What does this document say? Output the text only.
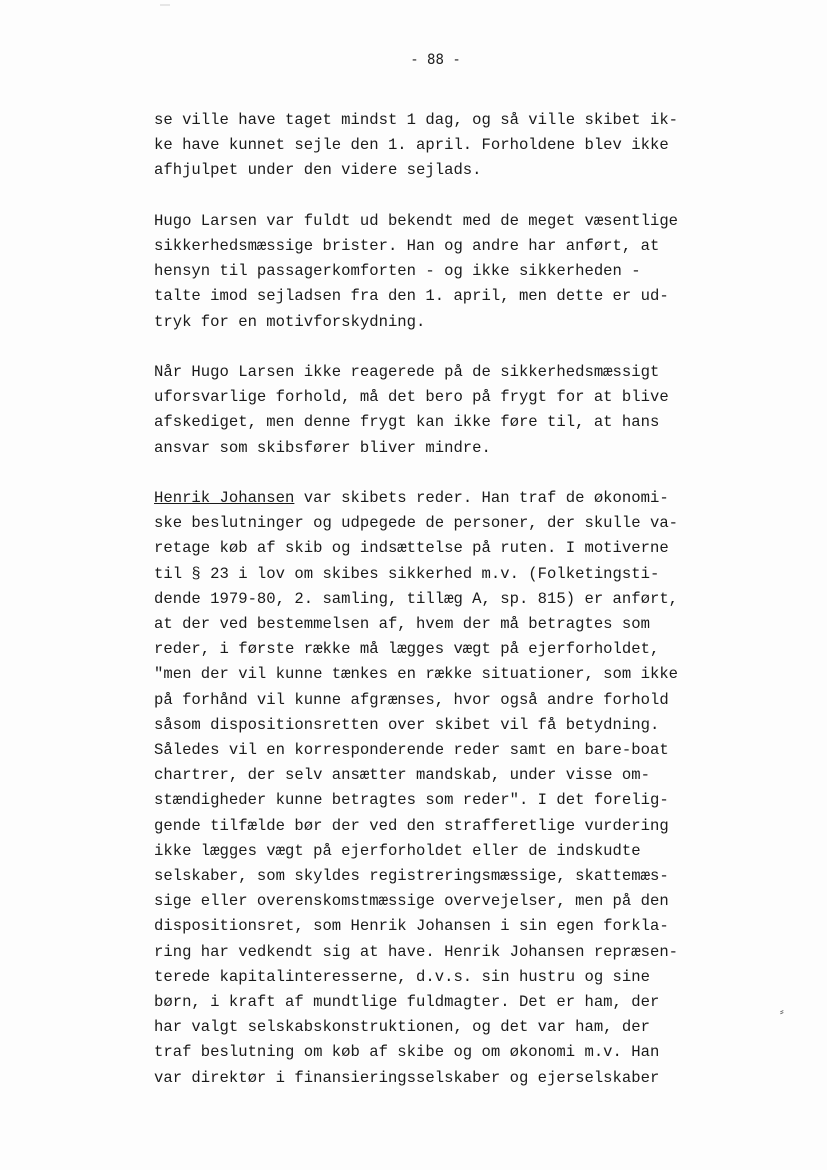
- 88 -

se ville have taget mindst 1 dag, og så ville skibet ik-
ke have kunnet sejle den 1. april. Forholdene blev ikke
afhjulpet under den videre sejlads.

Hugo Larsen var fuldt ud bekendt med de meget væsentlige
sikkerhedsmæssige brister. Han og andre har anført, at
hensyn til passagerkomforten - og ikke sikkerheden -
talte imod sejladsen fra den 1. april, men dette er ud-
tryk for en motivforskydning.

Når Hugo Larsen ikke reagerede på de sikkerhedsmæssigt
uforsvarlige forhold, må det bero på frygt for at blive
afskediget, men denne frygt kan ikke føre til, at hans
ansvar som skibsfører bliver mindre.

Henrik Johansen var skibets reder. Han traf de økonomi-
ske beslutninger og udpegede de personer, der skulle va-
retage køb af skib og indsættelse på ruten. I motiverne
til § 23 i lov om skibes sikkerhed m.v. (Folketingsti-
dende 1979-80, 2. samling, tillæg A, sp. 815) er anført,
at der ved bestemmelsen af, hvem der må betragtes som
reder, i første række må lægges vægt på ejerforholdet,
"men der vil kunne tænkes en række situationer, som ikke
på forhånd vil kunne afgrænses, hvor også andre forhold
såsom dispositionsretten over skibet vil få betydning.
Således vil en korresponderende reder samt en bare-boat
chartrer, der selv ansætter mandskab, under visse om-
stændigheder kunne betragtes som reder". I det forelig-
gende tilfælde bør der ved den strafferetlige vurdering
ikke lægges vægt på ejerforholdet eller de indskudte
selskaber, som skyldes registreringsmæssige, skattemæs-
sige eller overenskomstmæssige overvejelser, men på den
dispositionsret, som Henrik Johansen i sin egen forkla-
ring har vedkendt sig at have. Henrik Johansen repræsen-
terede kapitalinteresserne, d.v.s. sin hustru og sine
børn, i kraft af mundtlige fuldmagter. Det er ham, der
har valgt selskabskonstruktionen, og det var ham, der
traf beslutning om køb af skibe og om økonomi m.v. Han
var direktør i finansieringsselskaber og ejerselskaber

⸗
